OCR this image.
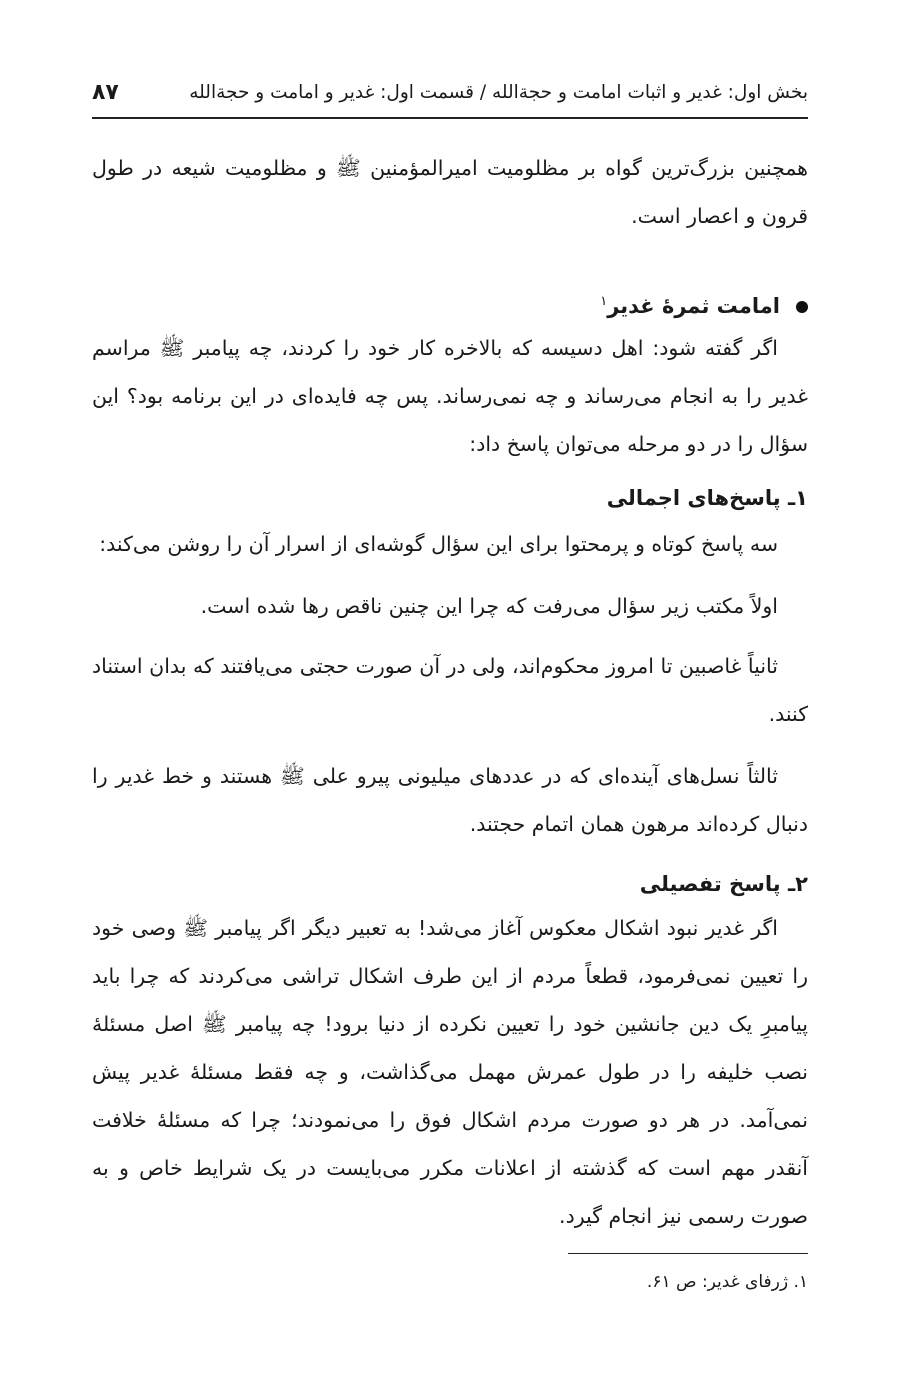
بخش اول: غدیر و اثبات امامت و حجة‌الله / قسمت اول: غدیر و امامت و حجة‌الله
۸۷

همچنین بزرگ‌ترین گواه بر مظلومیت امیرالمؤمنین ﷺ و مظلومیت شیعه در طول قرون و اعصار است.

امامت ثمرهٔ غدیر$^۱$

اگر گفته شود: اهل دسیسه که بالاخره کار خود را کردند، چه پیامبر ﷺ مراسم غدیر را به انجام می‌رساند و چه نمی‌رساند. پس چه فایده‌ای در این برنامه بود؟ این سؤال را در دو مرحله می‌توان پاسخ داد:

۱ـ پاسخ‌های اجمالی

سه پاسخ کوتاه و پرمحتوا برای این سؤال گوشه‌ای از اسرار آن را روشن می‌کند:

اولاً مکتب زیر سؤال می‌رفت که چرا این چنین ناقص رها شده است.

ثانیاً غاصبین تا امروز محکوم‌اند، ولی در آن صورت حجتی می‌یافتند که بدان استناد کنند.

ثالثاً نسل‌های آینده‌ای که در عددهای میلیونی پیرو علی ﷺ هستند و خط غدیر را دنبال کرده‌اند مرهون همان اتمام حجتند.

۲ـ پاسخ تفصیلی

اگر غدیر نبود اشکال معکوس آغاز می‌شد! به تعبیر دیگر اگر پیامبر ﷺ وصی خود را تعیین نمی‌فرمود، قطعاً مردم از این طرف اشکال تراشی می‌کردند که چرا باید پیامبرِ یک دین جانشین خود را تعیین نکرده از دنیا برود! چه پیامبر ﷺ اصل مسئلهٔ نصب خلیفه را در طول عمرش مهمل می‌گذاشت، و چه فقط مسئلهٔ غدیر پیش نمی‌آمد. در هر دو صورت مردم اشکال فوق را می‌نمودند؛ چرا که مسئلهٔ خلافت آنقدر مهم است که گذشته از اعلانات مکرر می‌بایست در یک شرایط خاص و به صورت رسمی نیز انجام گیرد.

۱. ژرفای غدیر: ص ۶۱.
